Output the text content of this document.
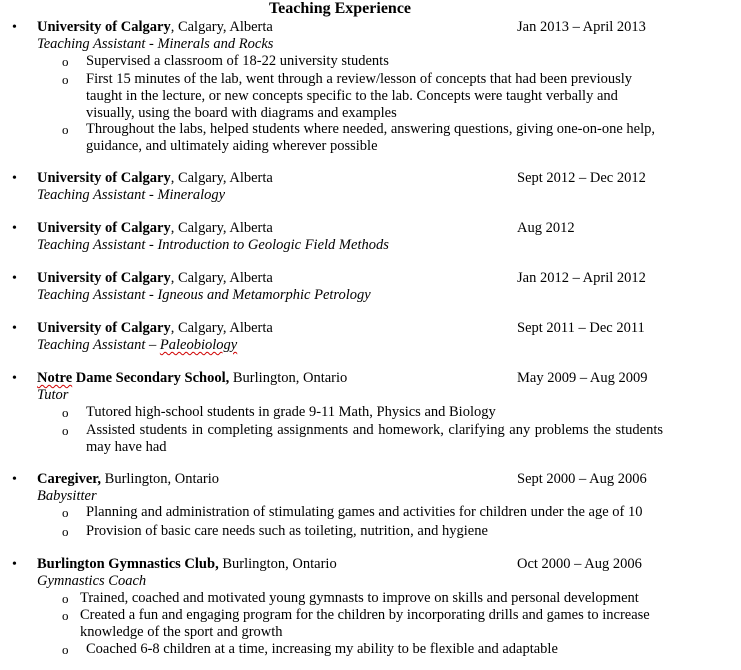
Teaching Experience
• University of Calgary, Calgary, Alberta	Jan 2013 – April 2013
Teaching Assistant - Minerals and Rocks
o Supervised a classroom of 18-22 university students
o First 15 minutes of the lab, went through a review/lesson of concepts that had been previously taught in the lecture, or new concepts specific to the lab. Concepts were taught verbally and visually, using the board with diagrams and examples
o Throughout the labs, helped students where needed, answering questions, giving one-on-one help, guidance, and ultimately aiding wherever possible
• University of Calgary, Calgary, Alberta	Sept 2012 – Dec 2012
Teaching Assistant - Mineralogy
• University of Calgary, Calgary, Alberta	Aug 2012
Teaching Assistant - Introduction to Geologic Field Methods
• University of Calgary, Calgary, Alberta	Jan 2012 – April 2012
Teaching Assistant - Igneous and Metamorphic Petrology
• University of Calgary, Calgary, Alberta	Sept 2011 – Dec 2011
Teaching Assistant – Paleobiology
• Notre Dame Secondary School, Burlington, Ontario	May 2009 – Aug 2009
Tutor
o Tutored high-school students in grade 9-11 Math, Physics and Biology
o Assisted students in completing assignments and homework, clarifying any problems the students may have had
• Caregiver, Burlington, Ontario	Sept 2000 – Aug 2006
Babysitter
o Planning and administration of stimulating games and activities for children under the age of 10
o Provision of basic care needs such as toileting, nutrition, and hygiene
• Burlington Gymnastics Club, Burlington, Ontario	Oct 2000 – Aug 2006
Gymnastics Coach
o Trained, coached and motivated young gymnasts to improve on skills and personal development
o Created a fun and engaging program for the children by incorporating drills and games to increase knowledge of the sport and growth
o Coached 6-8 children at a time, increasing my ability to be flexible and adaptable
